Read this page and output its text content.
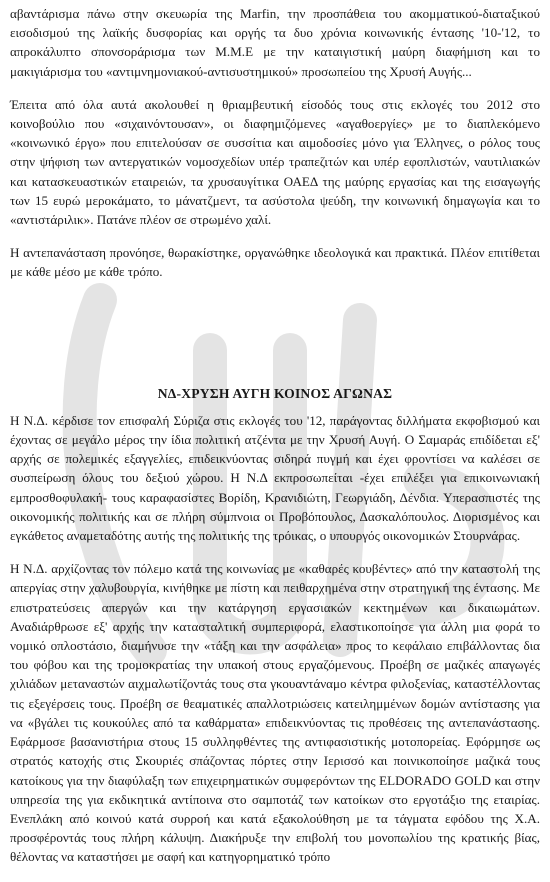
αβαντάρισμα πάνω στην σκευωρία της Marfin, την προσπάθεια του ακομματικού-διαταξικού εισοδισμού της λαϊκής δυσφορίας και οργής τα δυο χρόνια κοινωνικής έντασης '10-'12, το απροκάλυπτο σπονσοράρισμα των Μ.Μ.Ε με την καταιγιστική μαύρη διαφήμιση και το μακιγιάρισμα του «αντιμνημονιακού-αντισυστημικού» προσωπείου της Χρυσή Αυγής...

Έπειτα από όλα αυτά ακολουθεί η θριαμβευτική είσοδός τους στις εκλογές του 2012 στο κοινοβούλιο που «σιχαινόντουσαν», οι διαφημιζόμενες «αγαθοεργίες» με το διαπλεκόμενο «κοινωνικό έργο» που επιτελούσαν σε συσσίτια και αιμοδοσίες μόνο για Έλληνες, ο ρόλος τους στην ψήφιση των αντεργατικών νομοσχεδίων υπέρ τραπεζιτών και υπέρ εφοπλιστών, ναυτιλιακών και κατασκευαστικών εταιρειών, τα χρυσαυγίτικα ΟΑΕΔ της μαύρης εργασίας και της εισαγωγής των 15 ευρώ μεροκάματο, το μάνατζμεντ, τα ασύστολα ψεύδη, την κοινωνική δημαγωγία και το «αντιστάριλικ». Πατάνε πλέον σε στρωμένο χαλί.

Η αντεπανάσταση προνόησε, θωρακίστηκε, οργανώθηκε ιδεολογικά και πρακτικά. Πλέον επιτίθεται με κάθε μέσο με κάθε τρόπο.

ΝΔ-ΧΡΥΣΗ ΑΥΓΗ ΚΟΙΝΟΣ ΑΓΩΝΑΣ

Η Ν.Δ. κέρδισε τον επισφαλή Σύριζα στις εκλογές του '12, παράγοντας διλλήματα εκφοβισμού και έχοντας σε μεγάλο μέρος την ίδια πολιτική ατζέντα με την Χρυσή Αυγή. Ο Σαμαράς επιδίδεται εξ' αρχής σε πολεμικές εξαγγελίες, επιδεικνύοντας σιδηρά πυγμή και έχει φροντίσει να καλέσει σε συσπείρωση όλους του δεξιού χώρου. Η Ν.Δ εκπροσωπείται -έχει επιλέξει για επικοινωνιακή εμπροσθοφυλακή- τους καραφασίστες Βορίδη, Κρανιδιώτη, Γεωργιάδη, Δένδια. Υπερασπιστές της οικονομικής πολιτικής και σε πλήρη σύμπνοια οι Προβόπουλος, Δασκαλόπουλος. Διορισμένος και εγκάθετος αναμεταδότης αυτής της πολιτικής της τρόικας, ο υπουργός οικονομικών Στουρνάρας.

Η Ν.Δ. αρχίζοντας τον πόλεμο κατά της κοινωνίας με «καθαρές κουβέντες» από την καταστολή της απεργίας στην χαλυβουργία, κινήθηκε με πίστη και πειθαρχημένα στην στρατηγική της έντασης. Με επιστρατεύσεις απεργών και την κατάργηση εργασιακών κεκτημένων και δικαιωμάτων. Αναδιάρθρωσε εξ' αρχής την κατασταλτική συμπεριφορά, ελαστικοποίησε για άλλη μια φορά το νομικό οπλοστάσιο, διαμήνυσε την «τάξη και την ασφάλεια» προς το κεφάλαιο επιβάλλοντας δια του φόβου και της τρομοκρατίας την υπακοή στους εργαζόμενους. Προέβη σε μαζικές απαγωγές χιλιάδων μεταναστών αιχμαλωτίζοντάς τους στα γκουαντάναμο κέντρα φιλοξενίας, καταστέλλοντας τις εξεγέρσεις τους. Προέβη σε θεαματικές απαλλοτριώσεις κατειλημμένων δομών αντίστασης για να «βγάλει τις κουκούλες από τα καθάρματα» επιδεικνύοντας τις προθέσεις της αντεπανάστασης. Εφάρμοσε βασανιστήρια στους 15 συλληφθέντες της αντιφασιστικής μοτοπορείας. Εφόρμησε ως στρατός κατοχής στις Σκουριές σπάζοντας πόρτες στην Ιερισσό και ποινικοποίησε μαζικά τους κατοίκους για την διαφύλαξη των επιχειρηματικών συμφερόντων της ELDORADO GOLD και στην υπηρεσία της για εκδικητικά αντίποινα στο σαμποτάζ των κατοίκων στο εργοτάξιο της εταιρίας. Ενεπλάκη από κοινού κατά συρροή και κατά εξακολούθηση με τα τάγματα εφόδου της Χ.Α. προσφέροντάς τους πλήρη κάλυψη. Διακήρυξε την επιβολή του μονοπωλίου της κρατικής βίας, θέλοντας να καταστήσει με σαφή και κατηγορηματικό τρόπο
